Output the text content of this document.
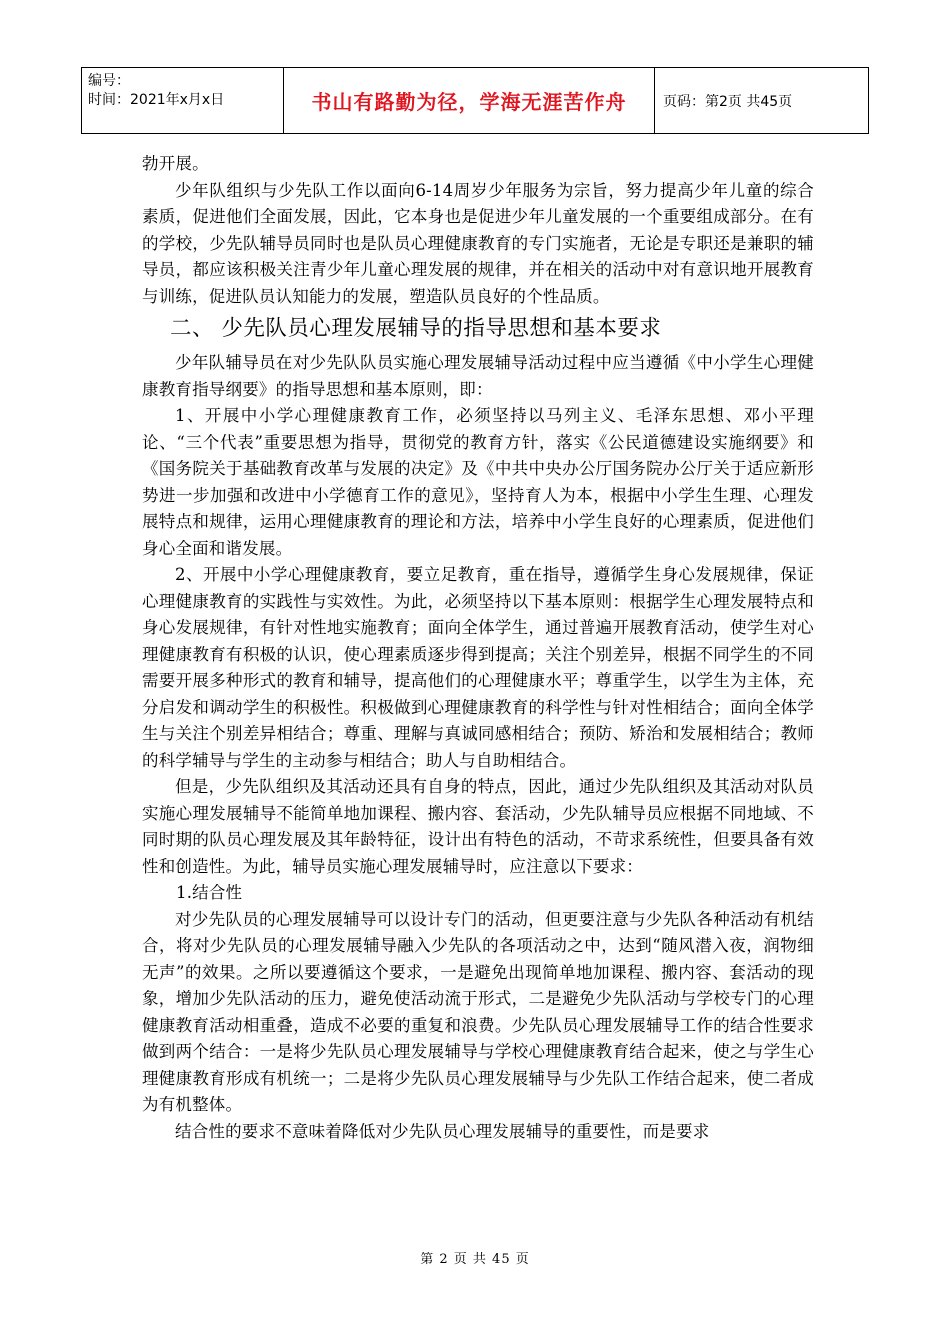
编号：
时间：2021年x月x日	书山有路勤为径，学海无涯苦作舟	页码：第2页 共45页

勃开展。

少年队组织与少先队工作以面向6-14周岁少年服务为宗旨，努力提高少年儿童的综合素质，促进他们全面发展，因此，它本身也是促进少年儿童发展的一个重要组成部分。在有的学校，少先队辅导员同时也是队员心理健康教育的专门实施者，无论是专职还是兼职的辅导员，都应该积极关注青少年儿童心理发展的规律，并在相关的活动中对有意识地开展教育与训练，促进队员认知能力的发展，塑造队员良好的个性品质。

二、 少先队员心理发展辅导的指导思想和基本要求

少年队辅导员在对少先队队员实施心理发展辅导活动过程中应当遵循《中小学生心理健康教育指导纲要》的指导思想和基本原则，即：

1、开展中小学心理健康教育工作，必须坚持以马列主义、毛泽东思想、邓小平理论、“三个代表”重要思想为指导，贯彻党的教育方针，落实《公民道德建设实施纲要》和《国务院关于基础教育改革与发展的决定》及《中共中央办公厅国务院办公厅关于适应新形势进一步加强和改进中小学德育工作的意见》，坚持育人为本，根据中小学生生理、心理发展特点和规律，运用心理健康教育的理论和方法，培养中小学生良好的心理素质，促进他们身心全面和谐发展。

2、开展中小学心理健康教育，要立足教育，重在指导，遵循学生身心发展规律，保证心理健康教育的实践性与实效性。为此，必须坚持以下基本原则：根据学生心理发展特点和身心发展规律，有针对性地实施教育；面向全体学生，通过普遍开展教育活动，使学生对心理健康教育有积极的认识，使心理素质逐步得到提高；关注个别差异，根据不同学生的不同需要开展多种形式的教育和辅导，提高他们的心理健康水平；尊重学生，以学生为主体，充分启发和调动学生的积极性。积极做到心理健康教育的科学性与针对性相结合；面向全体学生与关注个别差异相结合；尊重、理解与真诚同感相结合；预防、矫治和发展相结合；教师的科学辅导与学生的主动参与相结合；助人与自助相结合。

但是，少先队组织及其活动还具有自身的特点，因此，通过少先队组织及其活动对队员实施心理发展辅导不能简单地加课程、搬内容、套活动，少先队辅导员应根据不同地域、不同时期的队员心理发展及其年龄特征，设计出有特色的活动，不苛求系统性，但要具备有效性和创造性。为此，辅导员实施心理发展辅导时，应注意以下要求：

1.结合性

对少先队员的心理发展辅导可以设计专门的活动，但更要注意与少先队各种活动有机结合，将对少先队员的心理发展辅导融入少先队的各项活动之中，达到“随风潜入夜，润物细无声”的效果。之所以要遵循这个要求，一是避免出现简单地加课程、搬内容、套活动的现象，增加少先队活动的压力，避免使活动流于形式，二是避免少先队活动与学校专门的心理健康教育活动相重叠，造成不必要的重复和浪费。少先队员心理发展辅导工作的结合性要求做到两个结合：一是将少先队员心理发展辅导与学校心理健康教育结合起来，使之与学生心理健康教育形成有机统一；二是将少先队员心理发展辅导与少先队工作结合起来，使二者成为有机整体。

结合性的要求不意味着降低对少先队员心理发展辅导的重要性，而是要求

第 2 页 共 45 页
